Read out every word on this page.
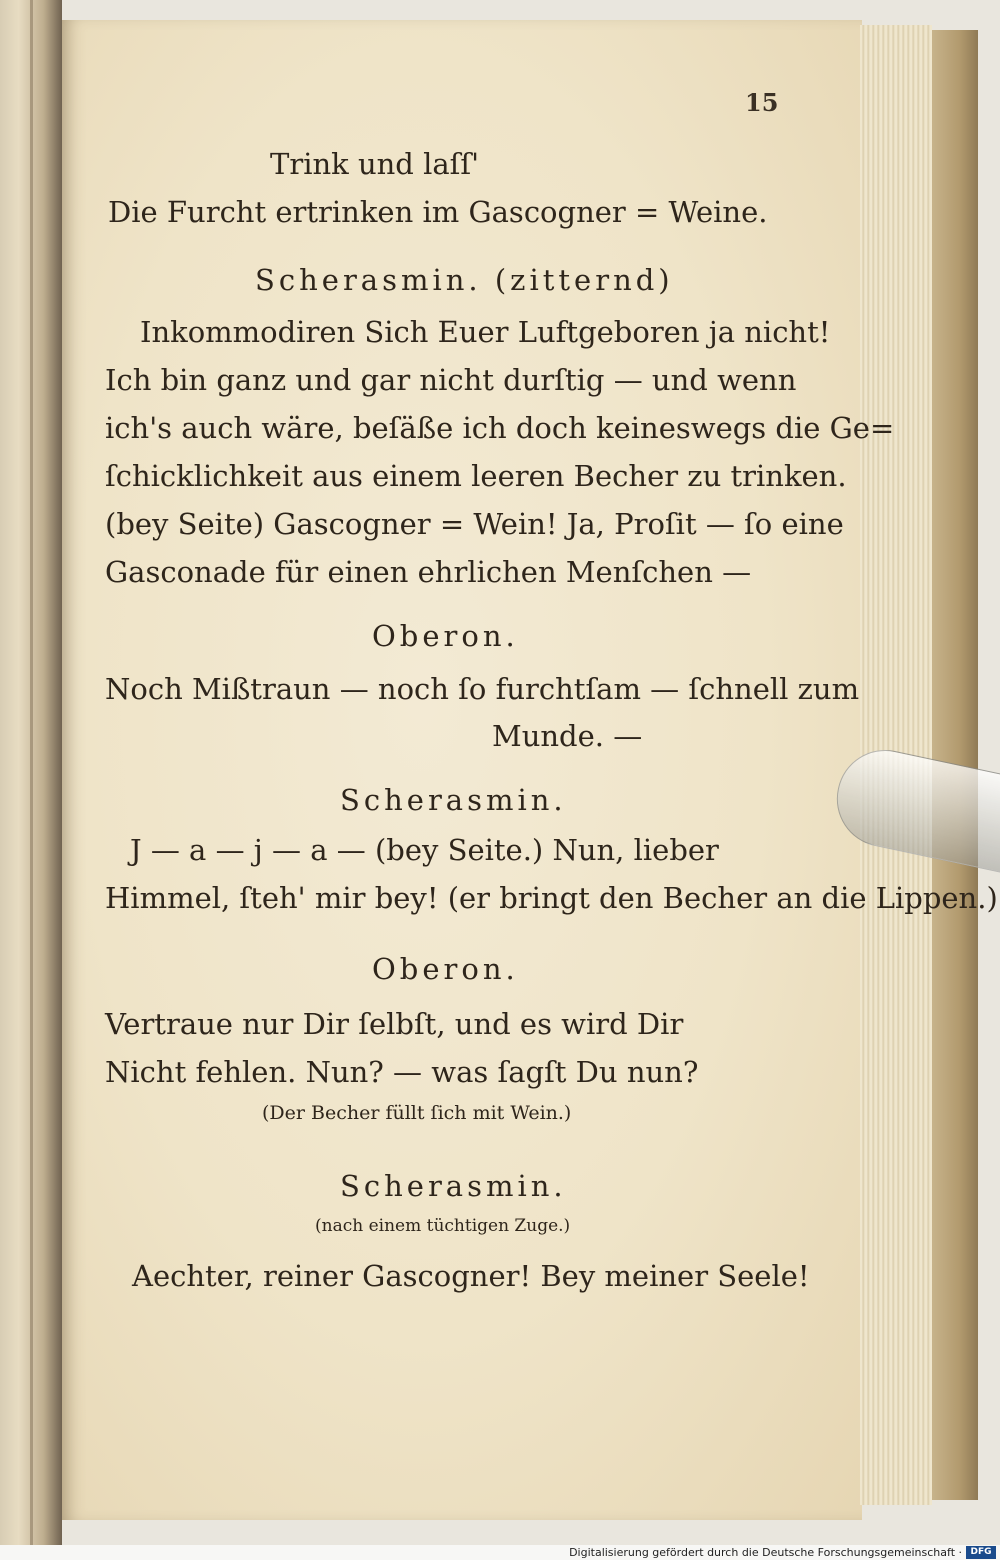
15
Trink und laſſ'
Die Furcht ertrinken im Gascogner = Weine.
Scherasmin. (zitternd)
Inkommodiren Sich Euer Luftgeboren ja nicht!
Ich bin ganz und gar nicht durſtig — und wenn
ich's auch wäre, beſäße ich doch keineswegs die Ge=
ſchicklichkeit aus einem leeren Becher zu trinken.
(bey Seite) Gascogner = Wein! Ja, Proſit — ſo eine
Gasconade für einen ehrlichen Menſchen —
Oberon.
Noch Mißtraun — noch ſo furchtſam — ſchnell zum
Munde. —
Scherasmin.
J — a — j — a — (bey Seite.) Nun, lieber
Himmel, ſteh' mir bey! (er bringt den Becher an die Lippen.)
Oberon.
Vertraue nur Dir ſelbſt, und es wird Dir
Nicht fehlen. Nun? — was ſagſt Du nun?
(Der Becher füllt ſich mit Wein.)
Scherasmin.
(nach einem tüchtigen Zuge.)
Aechter, reiner Gascogner! Bey meiner Seele!
Digitalisierung gefördert durch die Deutsche Forschungsgemeinschaft · DFG
